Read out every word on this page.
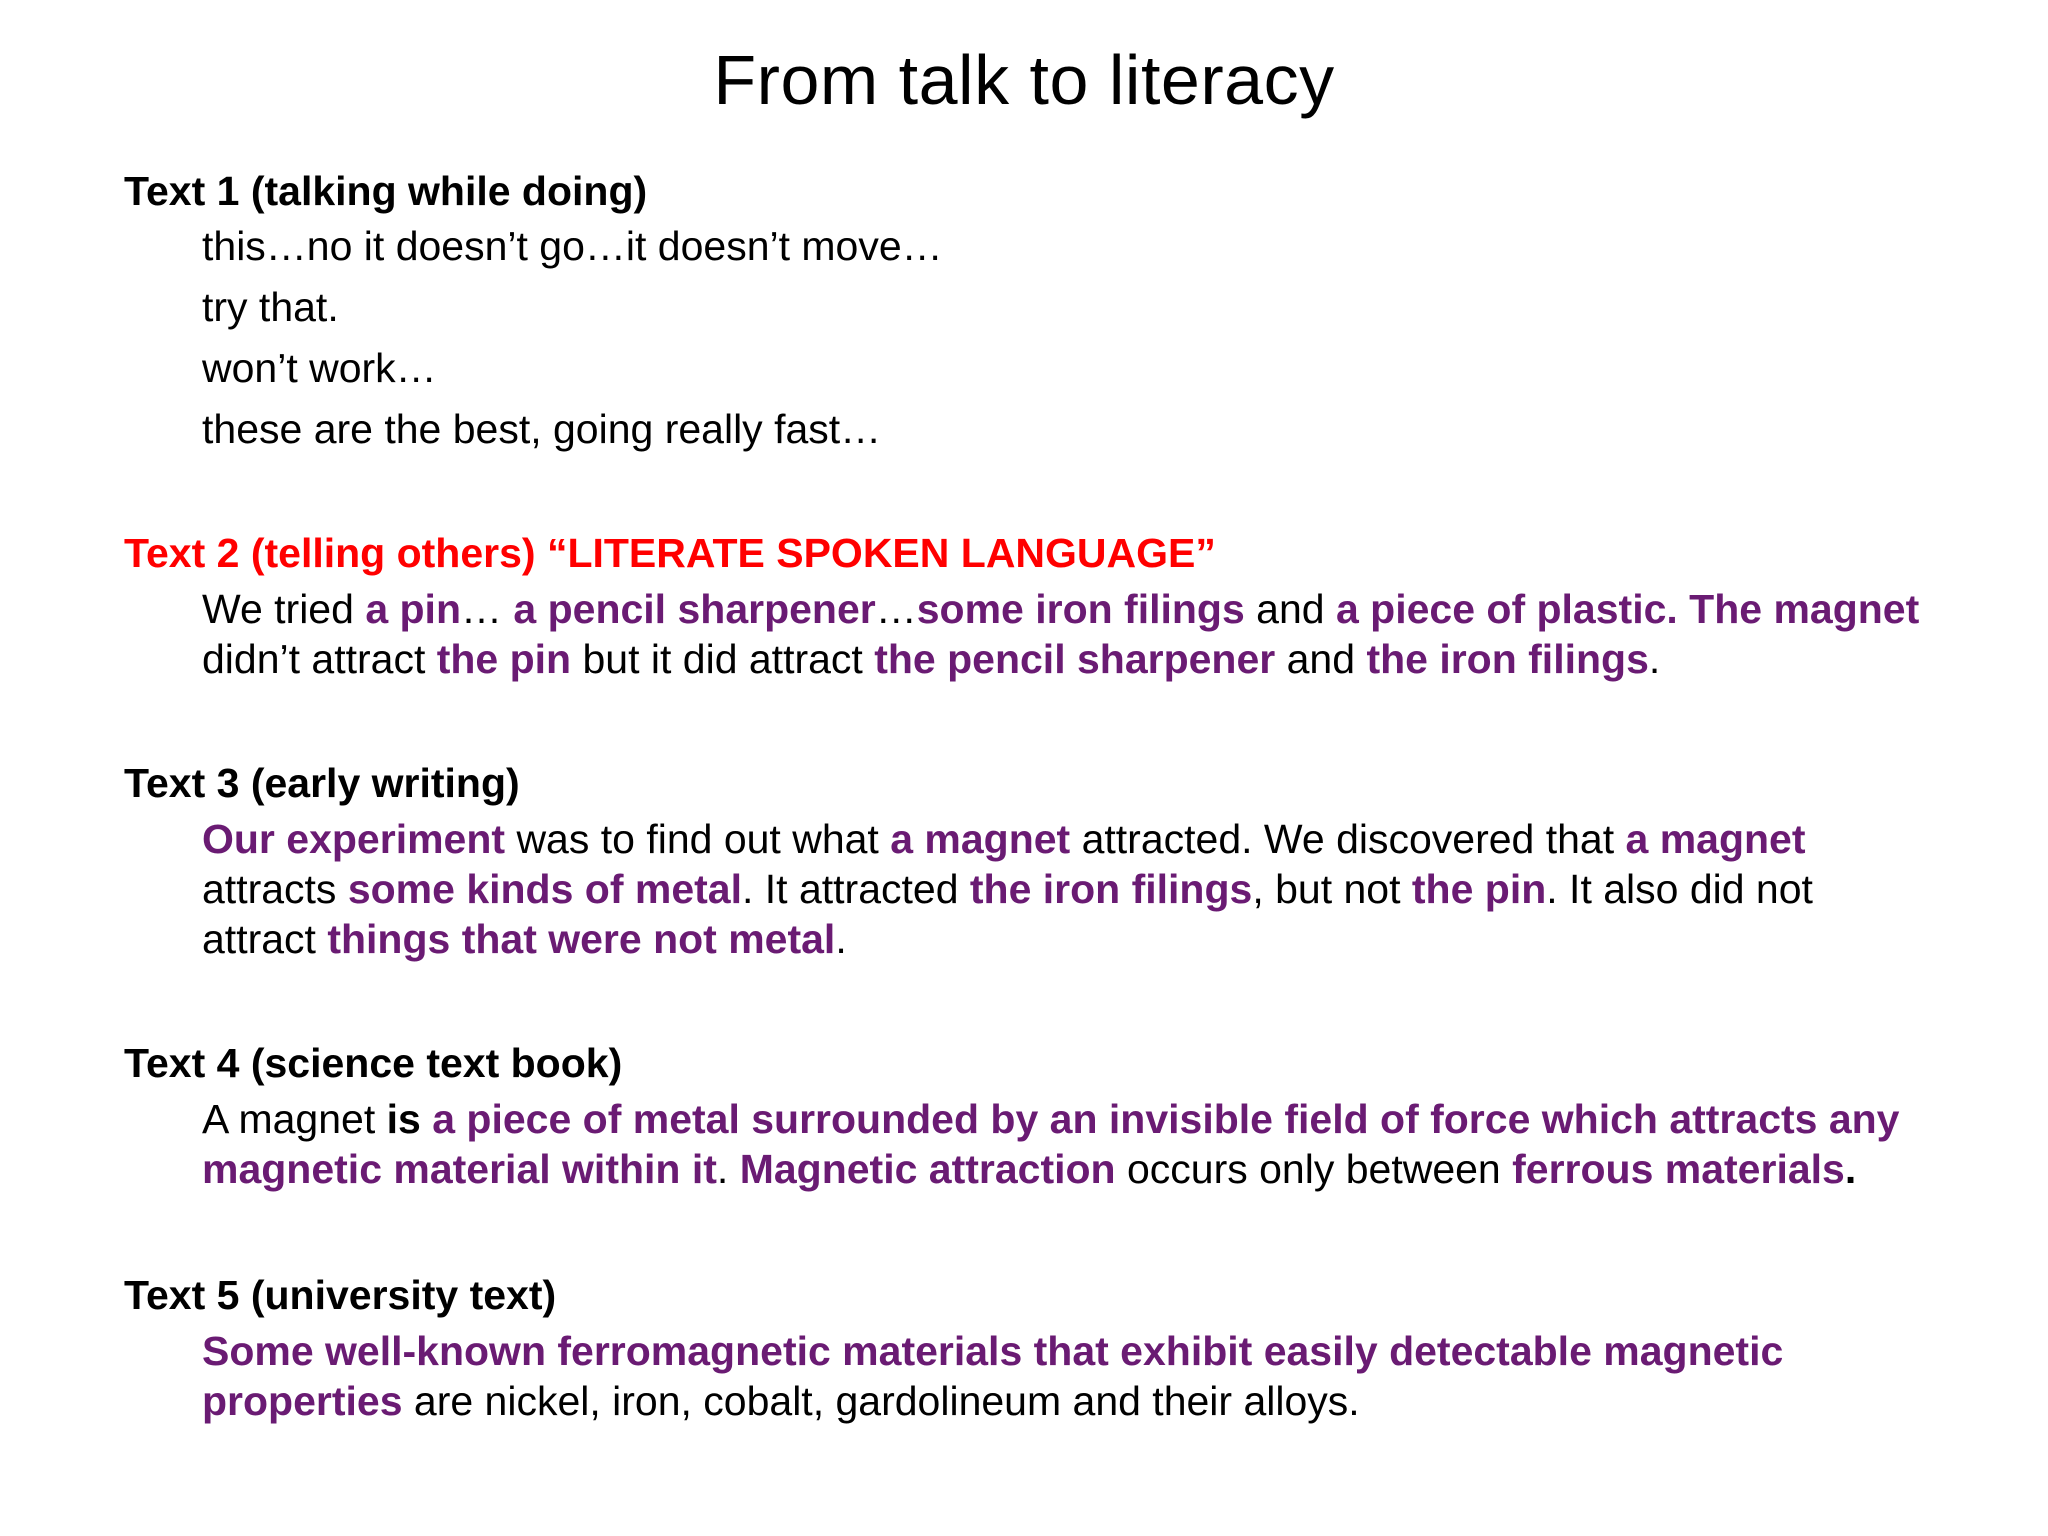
From talk to literacy
Text 1 (talking while doing)
this…no it doesn’t go…it doesn’t move…
try that.
won’t work…
these are the best, going really fast…
Text 2 (telling others) “LITERATE SPOKEN LANGUAGE”
We tried a pin… a pencil sharpener…some iron filings and a piece of plastic. The magnet
didn’t attract the pin but it did attract the pencil sharpener and the iron filings.
Text 3 (early writing)
Our experiment was to find out what a magnet attracted. We discovered that a magnet
attracts some kinds of metal. It attracted the iron filings, but not the pin. It also did not
attract things that were not metal.
Text 4 (science text book)
A magnet is a piece of metal surrounded by an invisible field of force which attracts any
magnetic material within it. Magnetic attraction occurs only between ferrous materials.
Text 5 (university text)
Some well-known ferromagnetic materials that exhibit easily detectable magnetic
properties are nickel, iron, cobalt, gardolineum and their alloys.
